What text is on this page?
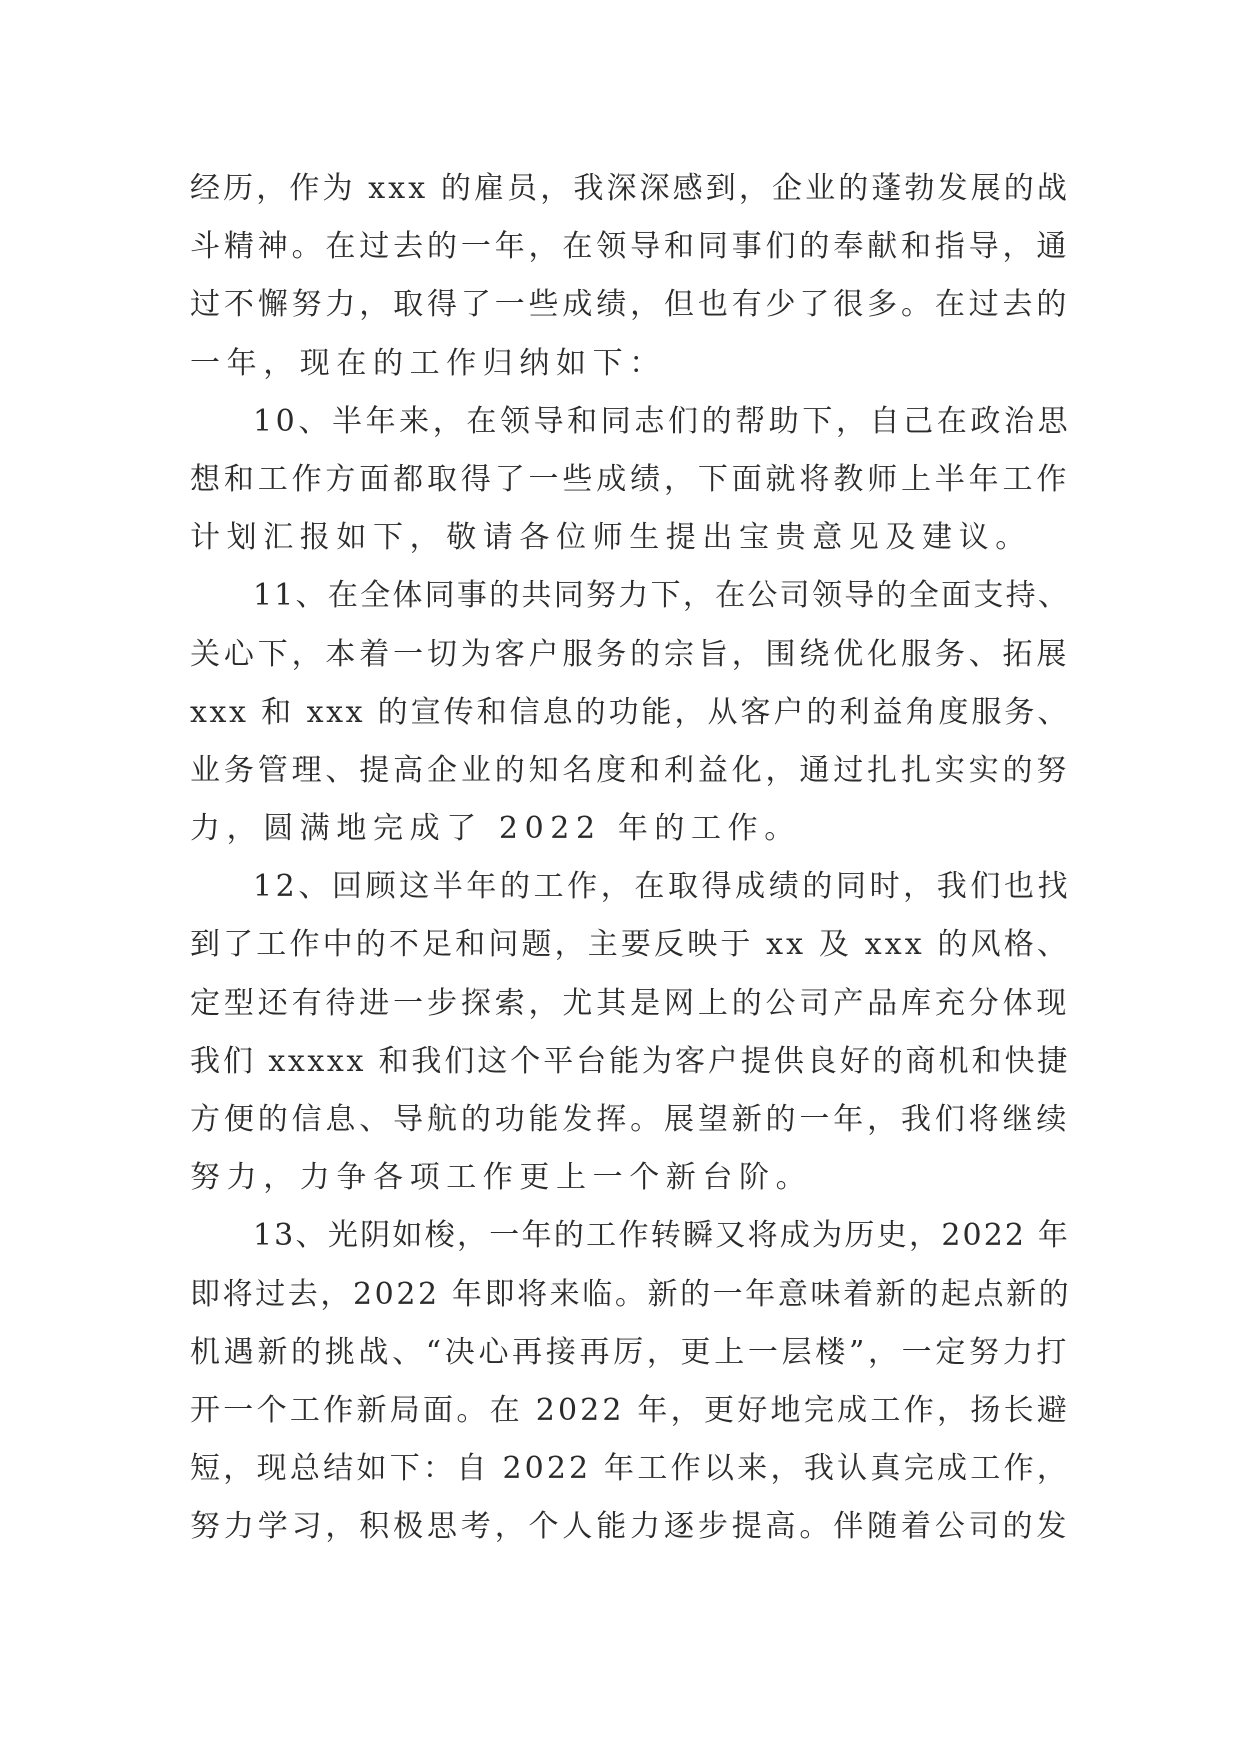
经历，作为 xxx 的雇员，我深深感到，企业的蓬勃发展的战
斗精神。在过去的一年，在领导和同事们的奉献和指导，通
过不懈努力，取得了一些成绩，但也有少了很多。在过去的
一年，现在的工作归纳如下：
10、半年来，在领导和同志们的帮助下，自己在政治思
想和工作方面都取得了一些成绩，下面就将教师上半年工作
计划汇报如下，敬请各位师生提出宝贵意见及建议。
11、在全体同事的共同努力下，在公司领导的全面支持、
关心下，本着一切为客户服务的宗旨，围绕优化服务、拓展
xxx 和 xxx 的宣传和信息的功能，从客户的利益角度服务、
业务管理、提高企业的知名度和利益化，通过扎扎实实的努
力，圆满地完成了 2022 年的工作。
12、回顾这半年的工作，在取得成绩的同时，我们也找
到了工作中的不足和问题，主要反映于 xx 及 xxx 的风格、
定型还有待进一步探索，尤其是网上的公司产品库充分体现
我们 xxxxx 和我们这个平台能为客户提供良好的商机和快捷
方便的信息、导航的功能发挥。展望新的一年，我们将继续
努力，力争各项工作更上一个新台阶。
13、光阴如梭，一年的工作转瞬又将成为历史，2022 年
即将过去，2022 年即将来临。新的一年意味着新的起点新的
机遇新的挑战、“决心再接再厉，更上一层楼”，一定努力打
开一个工作新局面。在 2022 年，更好地完成工作，扬长避
短，现总结如下：自 2022 年工作以来，我认真完成工作，
努力学习，积极思考，个人能力逐步提高。伴随着公司的发
